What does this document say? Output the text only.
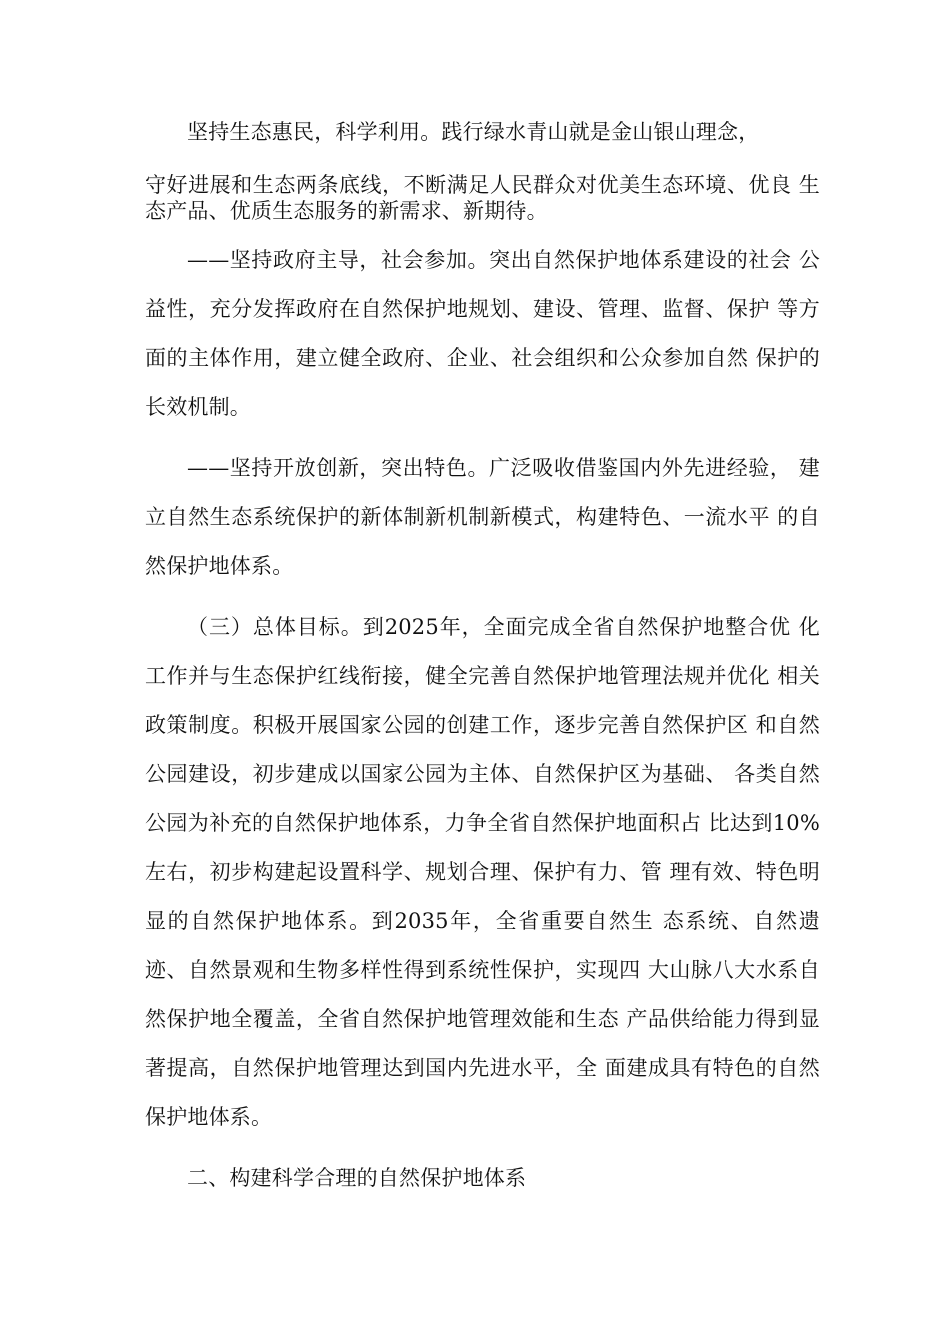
坚持生态惠民，科学利用。践行绿水青山就是金山银山理念，
守好进展和生态两条底线，不断满足人民群众对优美生态环境、优良 生
态产品、优质生态服务的新需求、新期待。
——坚持政府主导，社会参加。突出自然保护地体系建设的社会 公
益性，充分发挥政府在自然保护地规划、建设、管理、监督、保护 等方
面的主体作用，建立健全政府、企业、社会组织和公众参加自然 保护的
长效机制。
——坚持开放创新，突出特色。广泛吸收借鉴国内外先进经验， 建
立自然生态系统保护的新体制新机制新模式，构建特色、一流水平 的自
然保护地体系。
（三）总体目标。到2025年，全面完成全省自然保护地整合优 化
工作并与生态保护红线衔接，健全完善自然保护地管理法规并优化 相关
政策制度。积极开展国家公园的创建工作，逐步完善自然保护区 和自然
公园建设，初步建成以国家公园为主体、自然保护区为基础、 各类自然
公园为补充的自然保护地体系，力争全省自然保护地面积占 比达到10%
左右，初步构建起设置科学、规划合理、保护有力、管 理有效、特色明
显的自然保护地体系。到2035年，全省重要自然生 态系统、自然遗
迹、自然景观和生物多样性得到系统性保护，实现四 大山脉八大水系自
然保护地全覆盖，全省自然保护地管理效能和生态 产品供给能力得到显
著提高，自然保护地管理达到国内先进水平，全 面建成具有特色的自然
保护地体系。
二、构建科学合理的自然保护地体系
